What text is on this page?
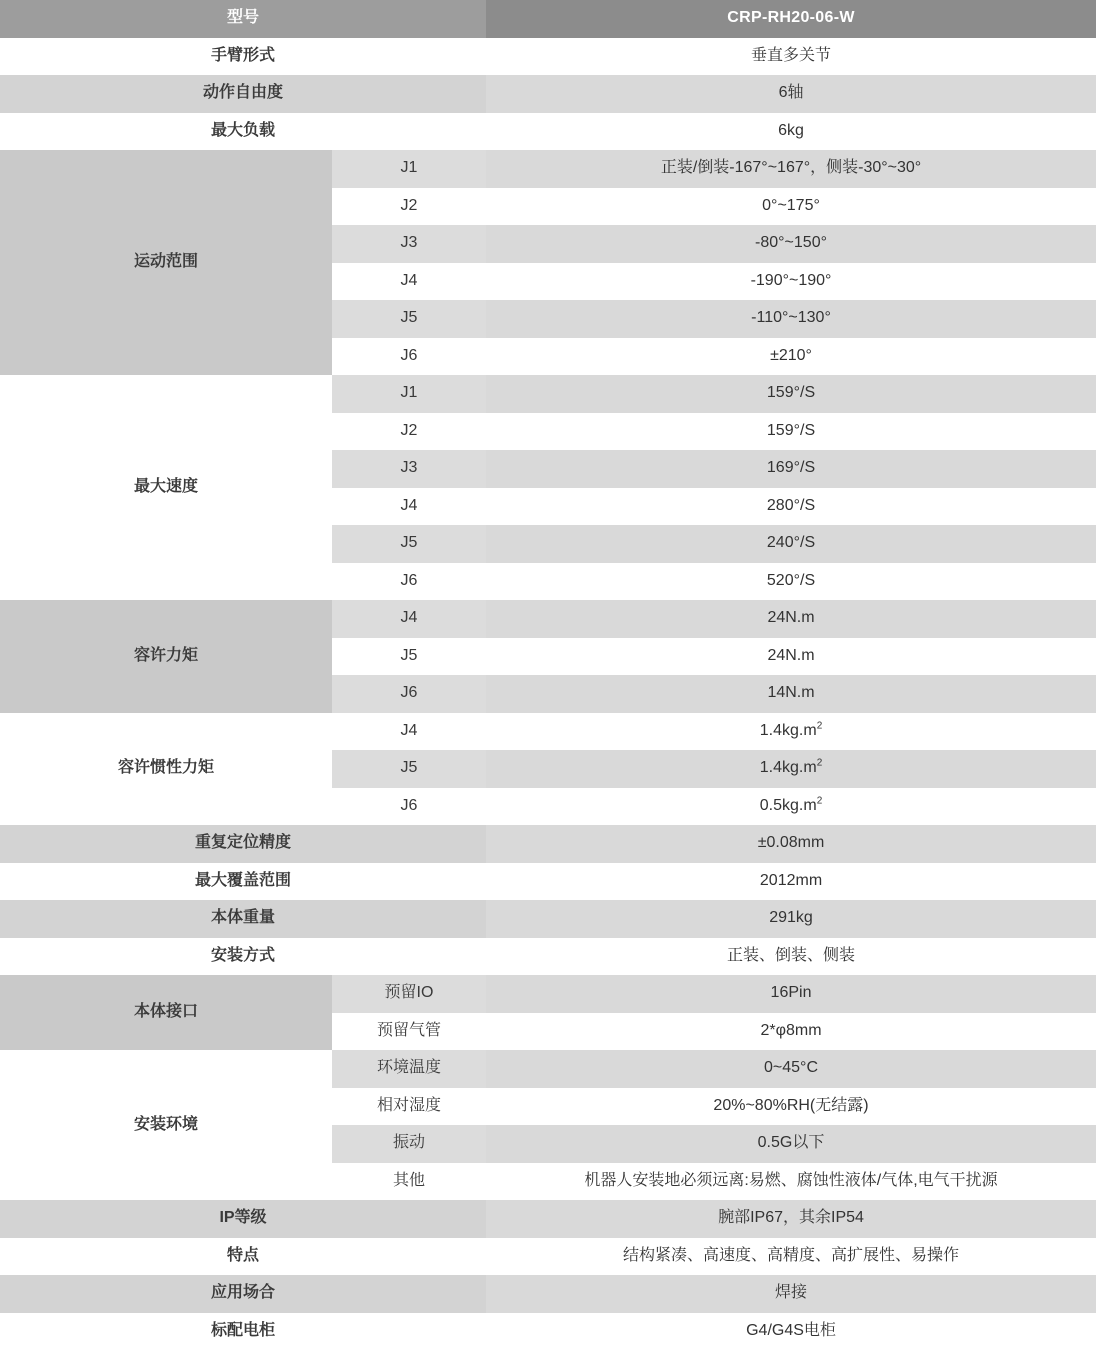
型号		CRP-RH20-06-W
手臂形式		垂直多关节
动作自由度		6轴
最大负载		6kg
运动范围	J1	正装/倒装-167°~167°，侧装-30°~30°
	J2	0°~175°
	J3	-80°~150°
	J4	-190°~190°
	J5	-110°~130°
	J6	±210°
最大速度	J1	159°/S
	J2	159°/S
	J3	169°/S
	J4	280°/S
	J5	240°/S
	J6	520°/S
容许力矩	J4	24N.m
	J5	24N.m
	J6	14N.m
容许惯性力矩	J4	$1.4kg.m^2$
	J5	$1.4kg.m^2$
	J6	$0.5kg.m^2$
重复定位精度		±0.08mm
最大覆盖范围		2012mm
本体重量		291kg
安装方式		正装、倒装、侧装
本体接口	预留IO	16Pin
	预留气管	2*φ8mm
安装环境	环境温度	0~45°C
	相对湿度	20%~80%RH(无结露)
	振动	0.5G以下
	其他	机器人安装地必须远离:易燃、腐蚀性液体/气体,电气干扰源
IP等级		腕部IP67，其余IP54
特点		结构紧凑、高速度、高精度、高扩展性、易操作
应用场合		焊接
标配电柜		G4/G4S电柜
